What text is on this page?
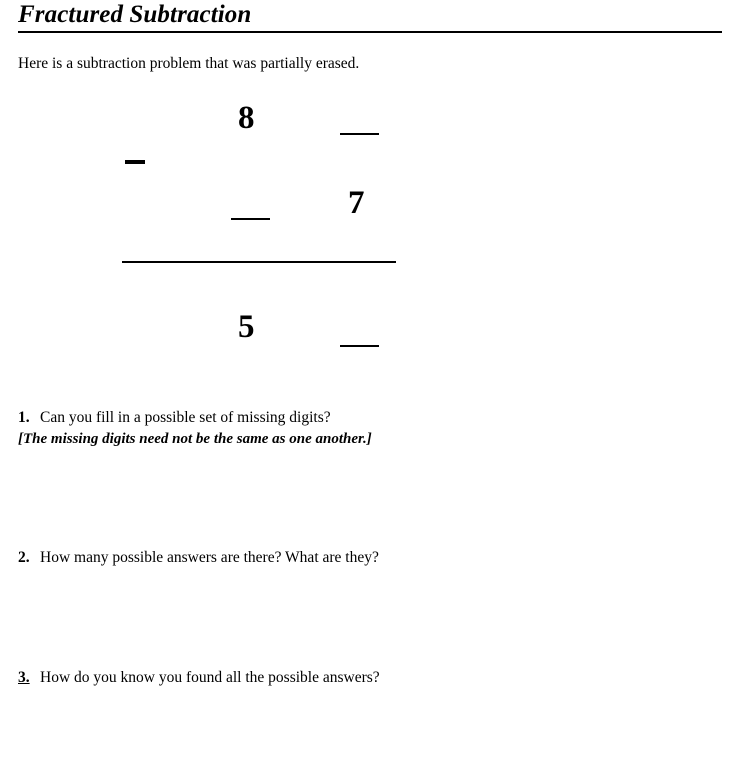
Fractured Subtraction
Here is a subtraction problem that was partially erased.
8
7
5
1. Can you fill in a possible set of missing digits?
[The missing digits need not be the same as one another.]
2. How many possible answers are there? What are they?
3. How do you know you found all the possible answers?
